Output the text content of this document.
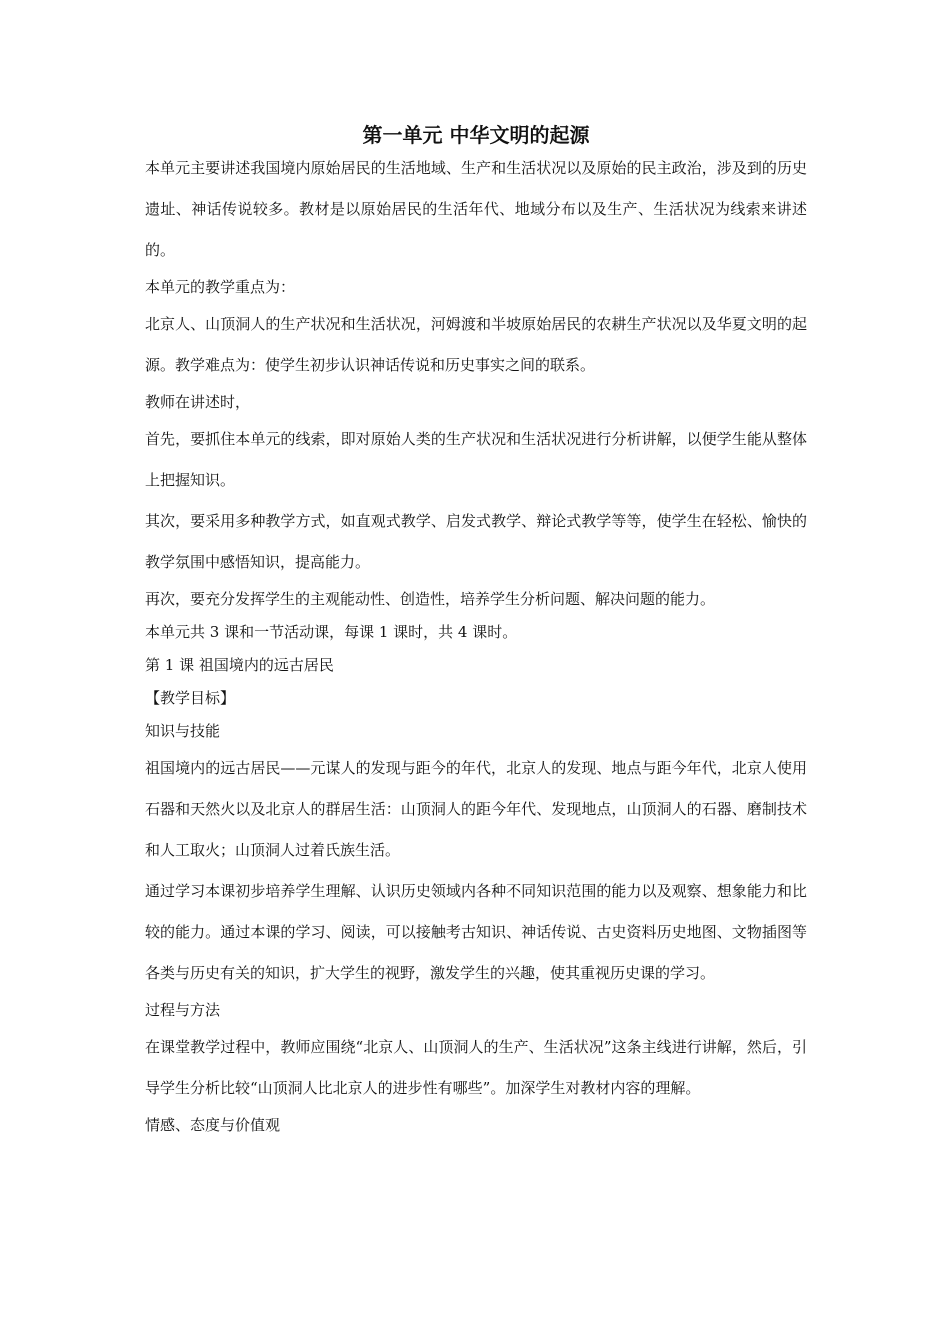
第一单元 中华文明的起源

本单元主要讲述我国境内原始居民的生活地域、生产和生活状况以及原始的民主政治，涉及到的历史遗址、神话传说较多。教材是以原始居民的生活年代、地域分布以及生产、生活状况为线索来讲述的。

本单元的教学重点为：

北京人、山顶洞人的生产状况和生活状况，河姆渡和半坡原始居民的农耕生产状况以及华夏文明的起源。教学难点为：使学生初步认识神话传说和历史事实之间的联系。

教师在讲述时，

首先，要抓住本单元的线索，即对原始人类的生产状况和生活状况进行分析讲解，以便学生能从整体上把握知识。

其次，要采用多种教学方式，如直观式教学、启发式教学、辩论式教学等等，使学生在轻松、愉快的教学氛围中感悟知识，提高能力。

再次，要充分发挥学生的主观能动性、创造性，培养学生分析问题、解决问题的能力。

本单元共 3 课和一节活动课，每课 1 课时，共 4 课时。

第 1 课 祖国境内的远古居民

【教学目标】

知识与技能

祖国境内的远古居民——元谋人的发现与距今的年代，北京人的发现、地点与距今年代，北京人使用石器和天然火以及北京人的群居生活：山顶洞人的距今年代、发现地点，山顶洞人的石器、磨制技术和人工取火；山顶洞人过着氏族生活。

通过学习本课初步培养学生理解、认识历史领域内各种不同知识范围的能力以及观察、想象能力和比较的能力。通过本课的学习、阅读，可以接触考古知识、神话传说、古史资料历史地图、文物插图等各类与历史有关的知识，扩大学生的视野，激发学生的兴趣，使其重视历史课的学习。

过程与方法

在课堂教学过程中，教师应围绕“北京人、山顶洞人的生产、生活状况”这条主线进行讲解，然后，引导学生分析比较“山顶洞人比北京人的进步性有哪些”。加深学生对教材内容的理解。

情感、态度与价值观
